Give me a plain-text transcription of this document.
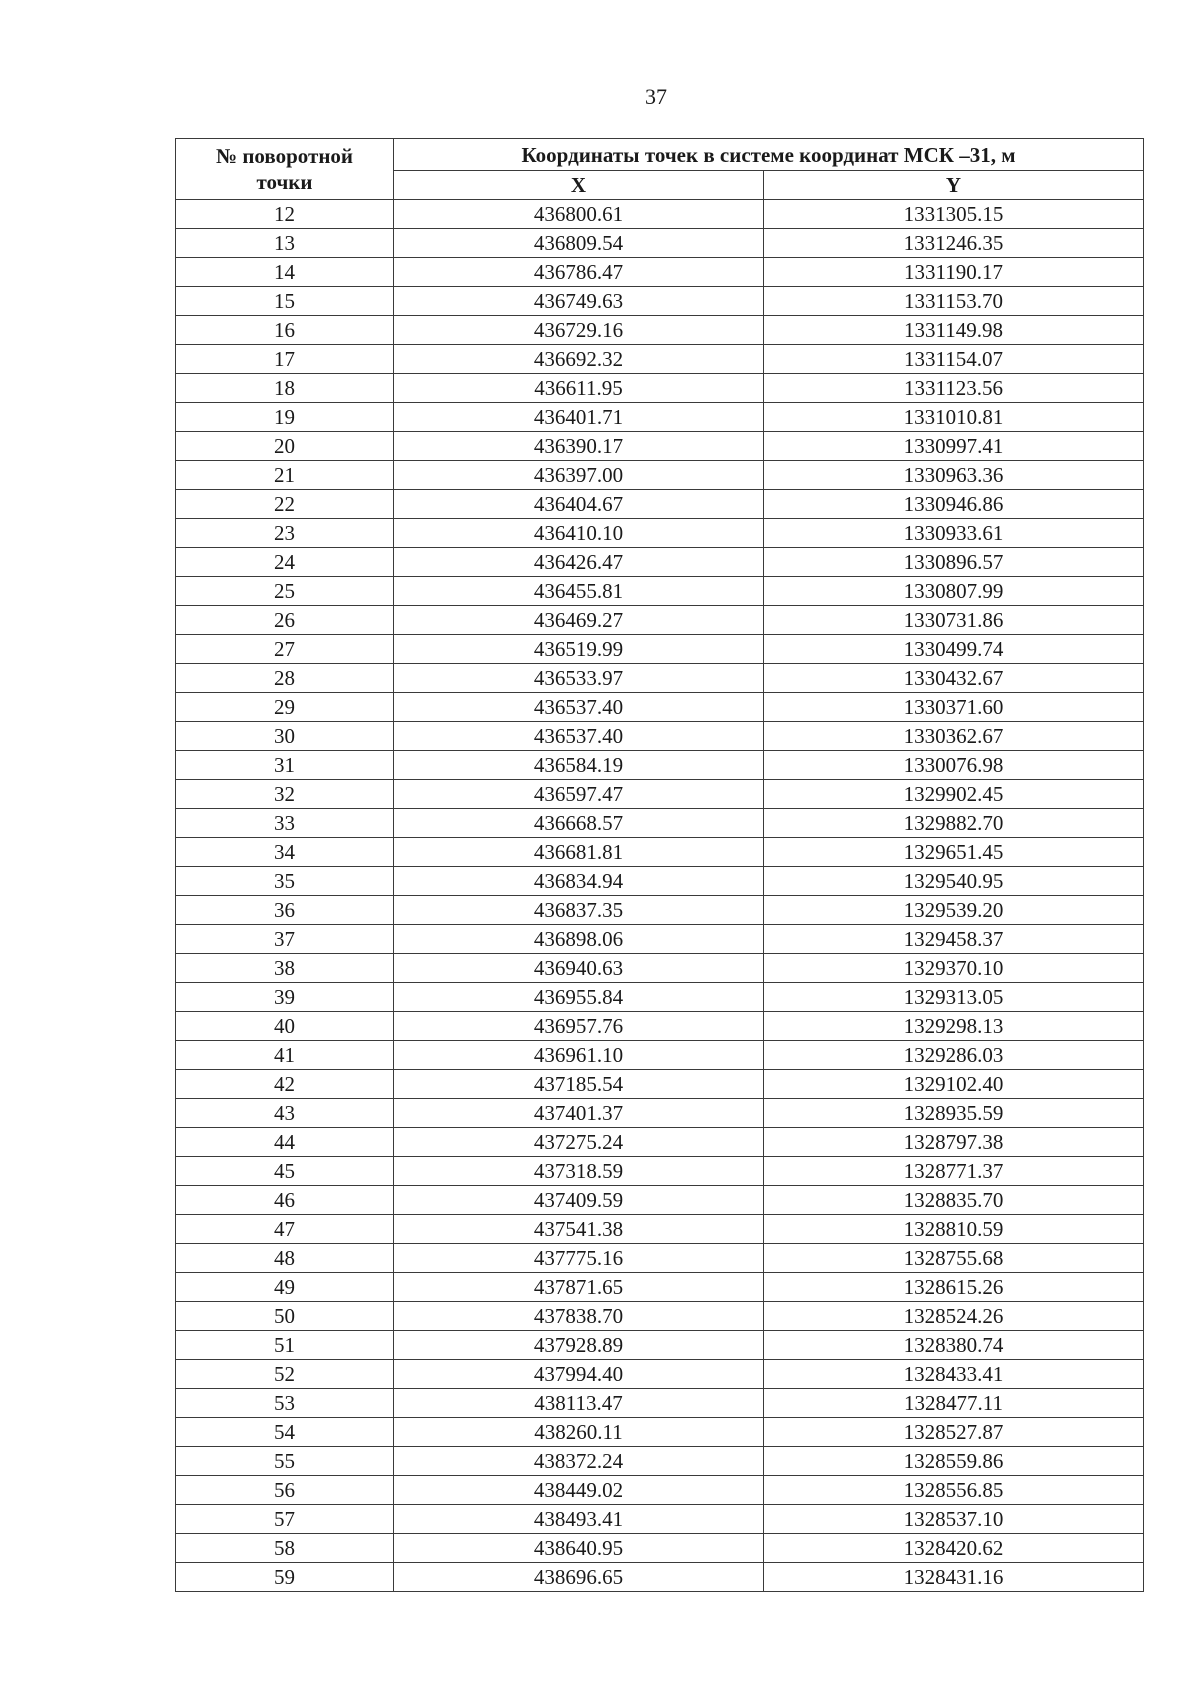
37
№ поворотной
точки	Координаты точек в системе координат МСК –31, м	
	X	Y
12	436800.61	1331305.15
13	436809.54	1331246.35
14	436786.47	1331190.17
15	436749.63	1331153.70
16	436729.16	1331149.98
17	436692.32	1331154.07
18	436611.95	1331123.56
19	436401.71	1331010.81
20	436390.17	1330997.41
21	436397.00	1330963.36
22	436404.67	1330946.86
23	436410.10	1330933.61
24	436426.47	1330896.57
25	436455.81	1330807.99
26	436469.27	1330731.86
27	436519.99	1330499.74
28	436533.97	1330432.67
29	436537.40	1330371.60
30	436537.40	1330362.67
31	436584.19	1330076.98
32	436597.47	1329902.45
33	436668.57	1329882.70
34	436681.81	1329651.45
35	436834.94	1329540.95
36	436837.35	1329539.20
37	436898.06	1329458.37
38	436940.63	1329370.10
39	436955.84	1329313.05
40	436957.76	1329298.13
41	436961.10	1329286.03
42	437185.54	1329102.40
43	437401.37	1328935.59
44	437275.24	1328797.38
45	437318.59	1328771.37
46	437409.59	1328835.70
47	437541.38	1328810.59
48	437775.16	1328755.68
49	437871.65	1328615.26
50	437838.70	1328524.26
51	437928.89	1328380.74
52	437994.40	1328433.41
53	438113.47	1328477.11
54	438260.11	1328527.87
55	438372.24	1328559.86
56	438449.02	1328556.85
57	438493.41	1328537.10
58	438640.95	1328420.62
59	438696.65	1328431.16
